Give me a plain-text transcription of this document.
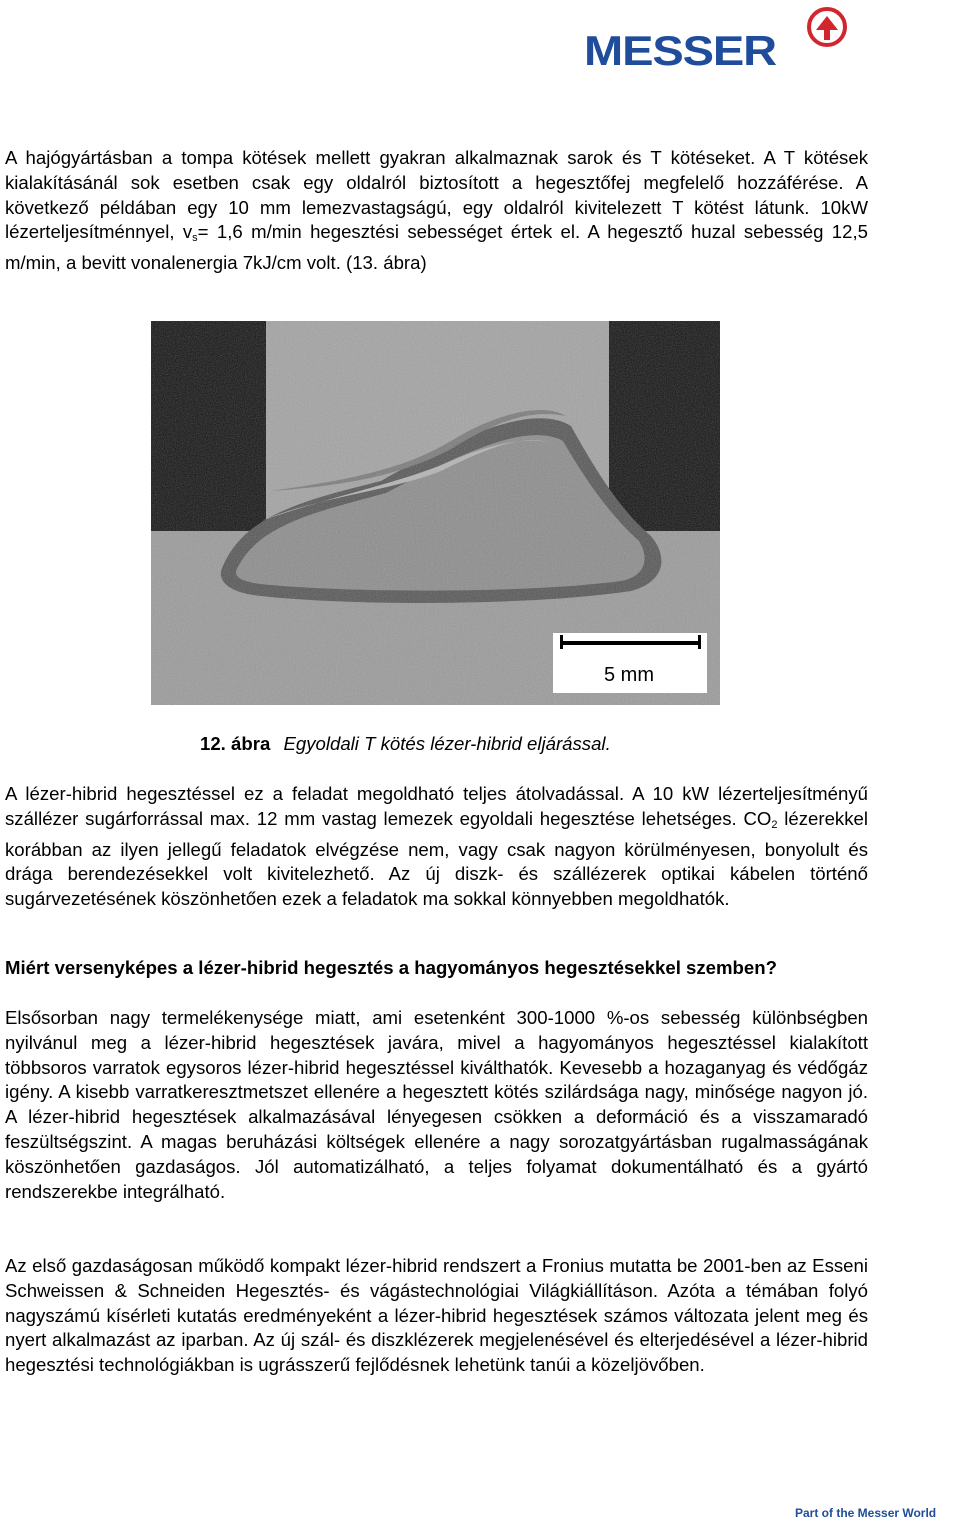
MESSER

A hajógyártásban a tompa kötések mellett gyakran alkalmaznak sarok és T kötéseket. A T kötések kialakításánál sok esetben csak egy oldalról biztosított a hegesztőfej megfelelő hozzáférése. A következő példában egy 10 mm lemezvastagságú, egy oldalról kivitelezett T kötést látunk. 10kW lézerteljesítménnyel, $v_s= 1,6$ m/min hegesztési sebességet értek el. A hegesztő huzal sebesség 12,5 m/min, a bevitt vonalenergia 7kJ/cm volt. (13. ábra)

5 mm
12. ábra Egyoldali T kötés lézer-hibrid eljárással.

A lézer-hibrid hegesztéssel ez a feladat megoldható teljes átolvadással. A 10 kW lézerteljesítményű szállézer sugárforrással max. 12 mm vastag lemezek egyoldali hegesztése lehetséges. $CO_2$ lézerekkel korábban az ilyen jellegű feladatok elvégzése nem, vagy csak nagyon körülményesen, bonyolult és drága berendezésekkel volt kivitelezhető. Az új diszk- és szállézerek optikai kábelen történő sugárvezetésének köszönhetően ezek a feladatok ma sokkal könnyebben megoldhatók.

Miért versenyképes a lézer-hibrid hegesztés a hagyományos hegesztésekkel szemben?

Elsősorban nagy termelékenysége miatt, ami esetenként 300-1000 %-os sebesség különbségben nyilvánul meg a lézer-hibrid hegesztések javára, mivel a hagyományos hegesztéssel kialakított többsoros varratok egysoros lézer-hibrid hegesztéssel kiválthatók. Kevesebb a hozaganyag és védőgáz igény. A kisebb varratkeresztmetszet ellenére a hegesztett kötés szilárdsága nagy, minősége nagyon jó. A lézer-hibrid hegesztések alkalmazásával lényegesen csökken a deformáció és a visszamaradó feszültségszint. A magas beruházási költségek ellenére a nagy sorozatgyártásban rugalmasságának köszönhetően gazdaságos. Jól automatizálható, a teljes folyamat dokumentálható és a gyártó rendszerekbe integrálható.

Az első gazdaságosan működő kompakt lézer-hibrid rendszert a Fronius mutatta be 2001-ben az Esseni Schweissen & Schneiden Hegesztés- és vágástechnológiai Világkiállításon. Azóta a témában folyó nagyszámú kísérleti kutatás eredményeként a lézer-hibrid hegesztések számos változata jelent meg és nyert alkalmazást az iparban. Az új szál- és diszklézerek megjelenésével és elterjedésével a lézer-hibrid hegesztési technológiákban is ugrásszerű fejlődésnek lehetünk tanúi a közeljövőben.

Part of the Messer World
